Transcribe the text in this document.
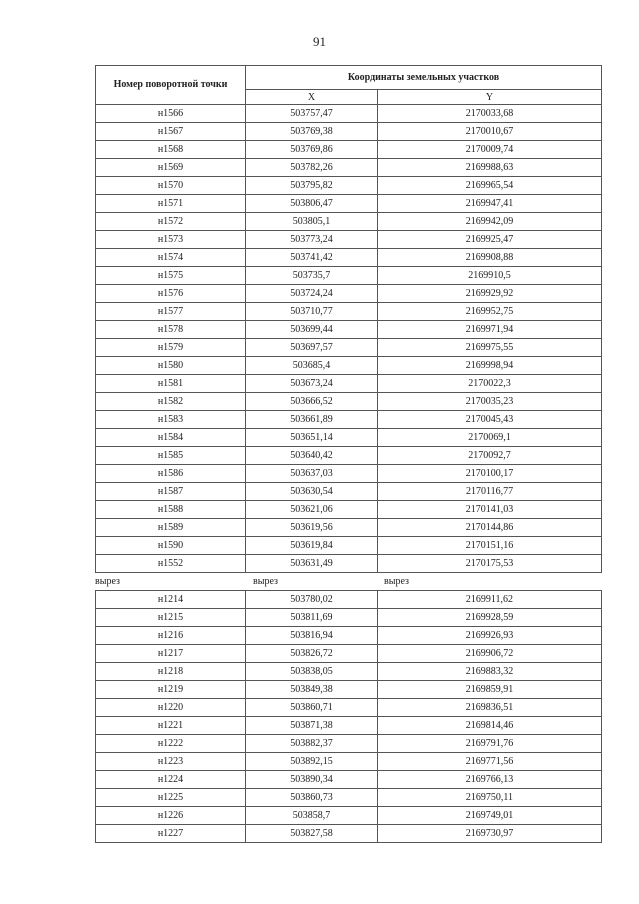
91
Номер поворотной точки	Координаты земельных участков	
	X	Y
н1566	503757,47	2170033,68
н1567	503769,38	2170010,67
н1568	503769,86	2170009,74
н1569	503782,26	2169988,63
н1570	503795,82	2169965,54
н1571	503806,47	2169947,41
н1572	503805,1	2169942,09
н1573	503773,24	2169925,47
н1574	503741,42	2169908,88
н1575	503735,7	2169910,5
н1576	503724,24	2169929,92
н1577	503710,77	2169952,75
н1578	503699,44	2169971,94
н1579	503697,57	2169975,55
н1580	503685,4	2169998,94
н1581	503673,24	2170022,3
н1582	503666,52	2170035,23
н1583	503661,89	2170045,43
н1584	503651,14	2170069,1
н1585	503640,42	2170092,7
н1586	503637,03	2170100,17
н1587	503630,54	2170116,77
н1588	503621,06	2170141,03
н1589	503619,56	2170144,86
н1590	503619,84	2170151,16
н1552	503631,49	2170175,53
вырез	вырез	вырез
н1214	503780,02	2169911,62
н1215	503811,69	2169928,59
н1216	503816,94	2169926,93
н1217	503826,72	2169906,72
н1218	503838,05	2169883,32
н1219	503849,38	2169859,91
н1220	503860,71	2169836,51
н1221	503871,38	2169814,46
н1222	503882,37	2169791,76
н1223	503892,15	2169771,56
н1224	503890,34	2169766,13
н1225	503860,73	2169750,11
н1226	503858,7	2169749,01
н1227	503827,58	2169730,97
